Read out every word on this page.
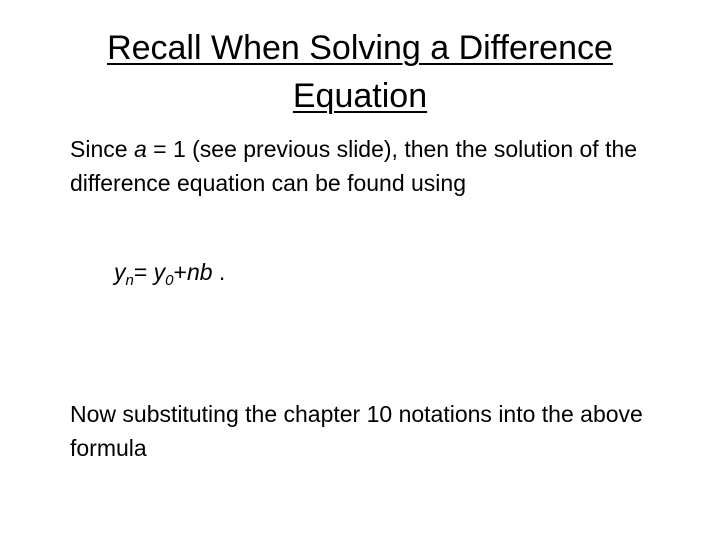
Recall When Solving a Difference
Equation
Since a = 1 (see previous slide), then the solution of the difference equation can be found using
$y_n= y_0+nb$ .
Now substituting the chapter 10 notations into the above formula
